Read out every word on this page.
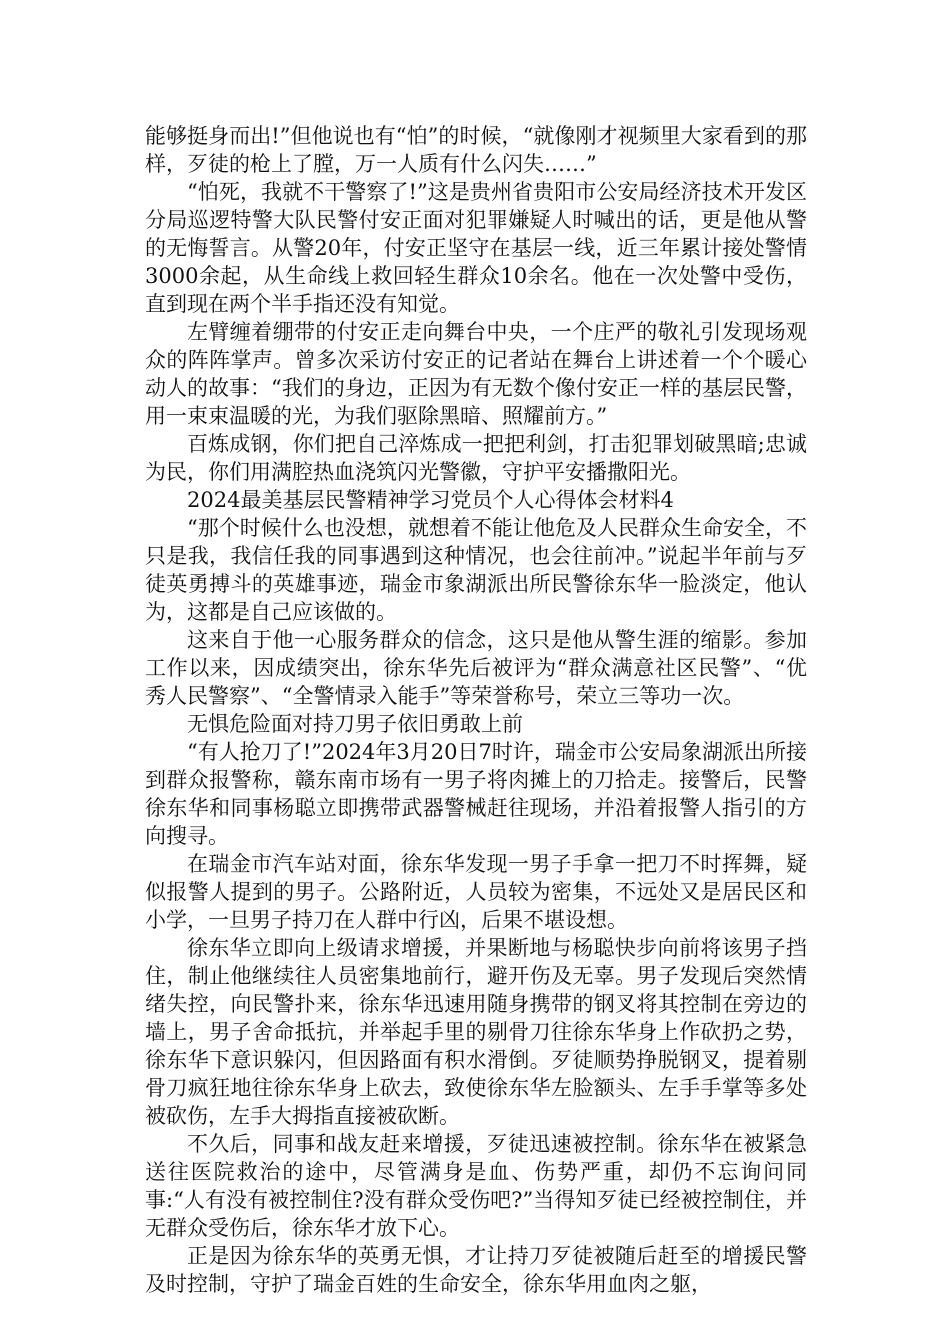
能够挺身而出!”但他说也有“怕”的时候，“就像刚才视频里大家看到的那样，歹徒的枪上了膛，万一人质有什么闪失……”

“怕死，我就不干警察了!”这是贵州省贵阳市公安局经济技术开发区分局巡逻特警大队民警付安正面对犯罪嫌疑人时喊出的话，更是他从警的无悔誓言。从警20年，付安正坚守在基层一线，近三年累计接处警情3000余起，从生命线上救回轻生群众10余名。他在一次处警中受伤，直到现在两个半手指还没有知觉。

左臂缠着绷带的付安正走向舞台中央，一个庄严的敬礼引发现场观众的阵阵掌声。曾多次采访付安正的记者站在舞台上讲述着一个个暖心动人的故事：“我们的身边，正因为有无数个像付安正一样的基层民警，用一束束温暖的光，为我们驱除黑暗、照耀前方。”

百炼成钢，你们把自己淬炼成一把把利剑，打击犯罪划破黑暗;忠诚为民，你们用满腔热血浇筑闪光警徽，守护平安播撒阳光。

2024最美基层民警精神学习党员个人心得体会材料4

“那个时候什么也没想，就想着不能让他危及人民群众生命安全，不只是我，我信任我的同事遇到这种情况，也会往前冲。”说起半年前与歹徒英勇搏斗的英雄事迹，瑞金市象湖派出所民警徐东华一脸淡定，他认为，这都是自己应该做的。

这来自于他一心服务群众的信念，这只是他从警生涯的缩影。参加工作以来，因成绩突出，徐东华先后被评为“群众满意社区民警”、“优秀人民警察”、“全警情录入能手”等荣誉称号，荣立三等功一次。

无惧危险面对持刀男子依旧勇敢上前

“有人抢刀了!”2024年3月20日7时许，瑞金市公安局象湖派出所接到群众报警称，赣东南市场有一男子将肉摊上的刀拾走。接警后，民警徐东华和同事杨聪立即携带武器警械赶往现场，并沿着报警人指引的方向搜寻。

在瑞金市汽车站对面，徐东华发现一男子手拿一把刀不时挥舞，疑似报警人提到的男子。公路附近，人员较为密集，不远处又是居民区和小学，一旦男子持刀在人群中行凶，后果不堪设想。

徐东华立即向上级请求增援，并果断地与杨聪快步向前将该男子挡住，制止他继续往人员密集地前行，避开伤及无辜。男子发现后突然情绪失控，向民警扑来，徐东华迅速用随身携带的钢叉将其控制在旁边的墙上，男子舍命抵抗，并举起手里的剔骨刀往徐东华身上作砍扔之势，徐东华下意识躲闪，但因路面有积水滑倒。歹徒顺势挣脱钢叉，提着剔骨刀疯狂地往徐东华身上砍去，致使徐东华左脸额头、左手手掌等多处被砍伤，左手大拇指直接被砍断。

不久后，同事和战友赶来增援，歹徒迅速被控制。徐东华在被紧急送往医院救治的途中，尽管满身是血、伤势严重，却仍不忘询问同事:“人有没有被控制住?没有群众受伤吧?”当得知歹徒已经被控制住，并无群众受伤后，徐东华才放下心。

正是因为徐东华的英勇无惧，才让持刀歹徒被随后赶至的增援民警及时控制，守护了瑞金百姓的生命安全，徐东华用血肉之躯，
